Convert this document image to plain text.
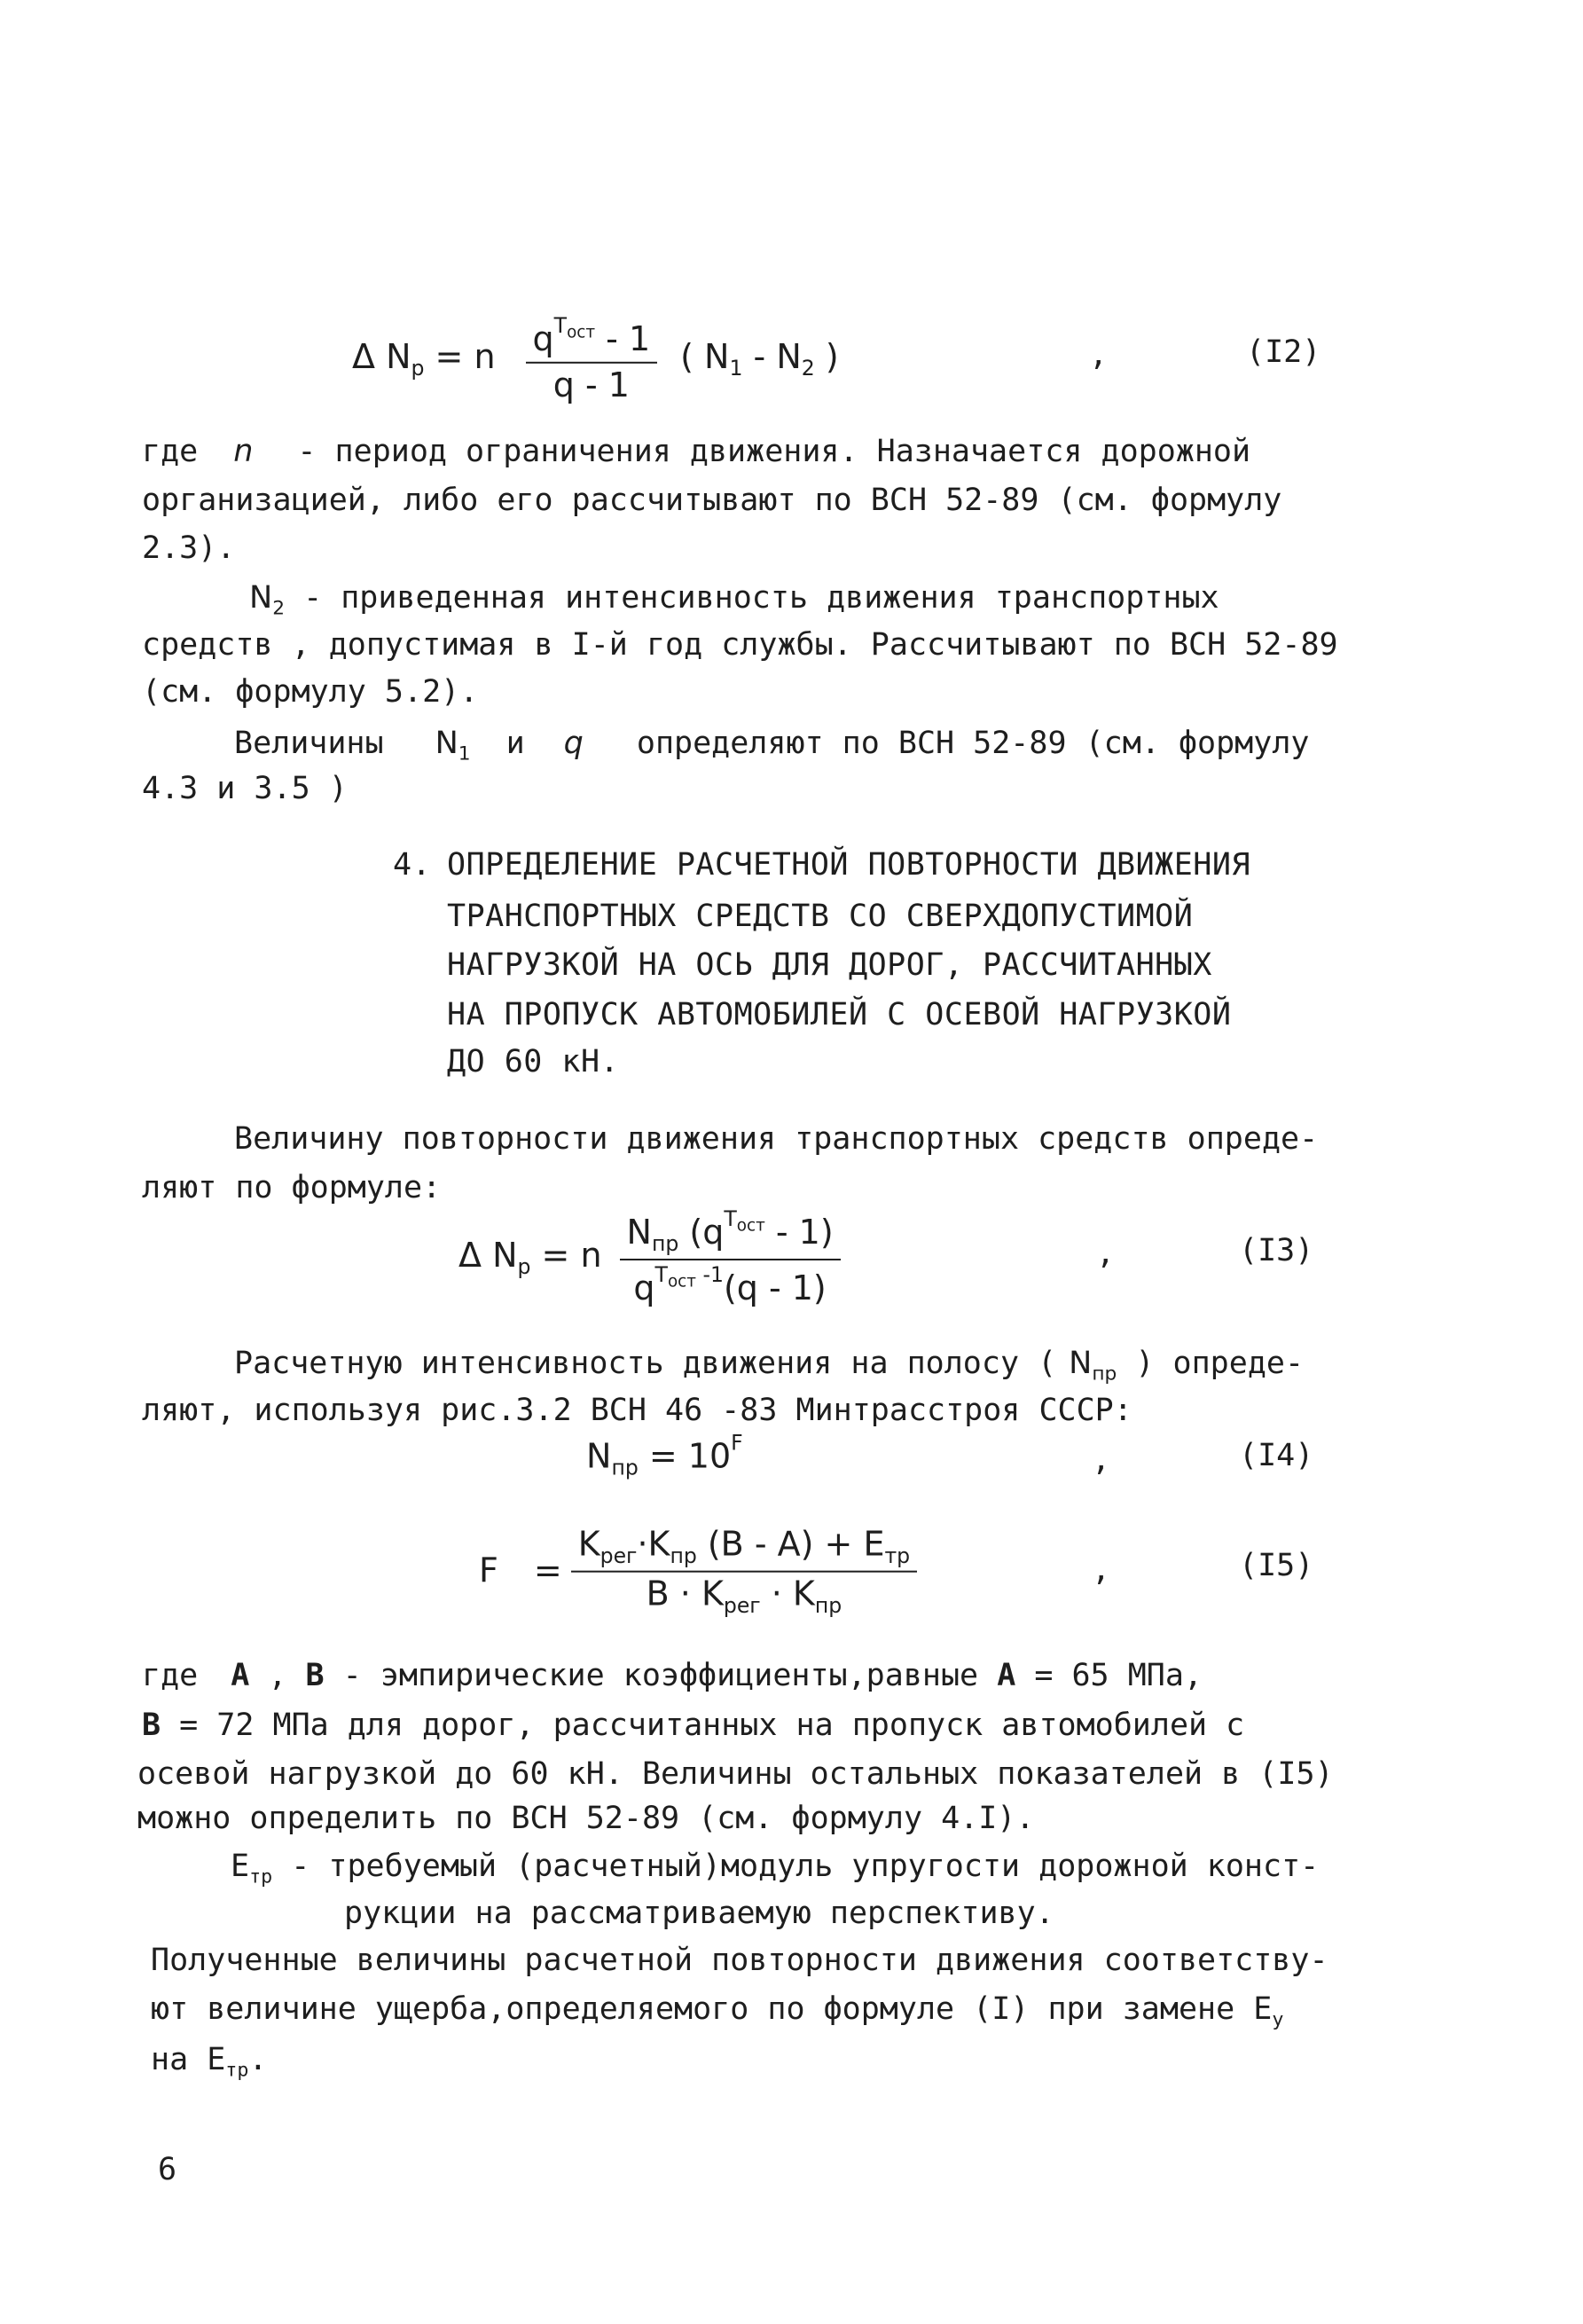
Δ $N_p = n \frac{q^{T_{ост}} - 1}{q - 1}$ ( $N_1 - N_2$ )	,	(I2)
где n - период ограничения движения. Назначается дорожной
организацией, либо его рассчитывают по ВСН 52-89 (см. формулу
2.3).
$N_2$ - приведенная интенсивность движения транспортных
средств , допустимая в I-й год службы. Рассчитывают по ВСН 52-89
(см. формулу 5.2).
Величины $N_1$ и q определяют по ВСН 52-89 (см. формулу
4.3 и 3.5 )
4. ОПРЕДЕЛЕНИЕ РАСЧЕТНОЙ ПОВТОРНОСТИ ДВИЖЕНИЯ
ТРАНСПОРТНЫХ СРЕДСТВ СО СВЕРХДОПУСТИМОЙ
НАГРУЗКОЙ НА ОСЬ ДЛЯ ДОРОГ, РАССЧИТАННЫХ
НА ПРОПУСК АВТОМОБИЛЕЙ С ОСЕВОЙ НАГРУЗКОЙ
ДО 60 кН.
Величину повторности движения транспортных средств опреде-
ляют по формуле:
Δ $N_p = n \frac{N_{пр} (q^{T_{ост}} - 1)}{q^{T_{ост} -1}(q - 1)}$	,	(I3)
Расчетную интенсивность движения на полосу ( $N_{пр}$ ) опреде-
ляют, используя рис.3.2 ВСН 46 -83 Минтрасстроя СССР:
$N_{пр} = 10^F$	,	(I4)
$F = \frac{K_{рег}\cdot K_{пр} (B - A) + E_{тр}}{B \cdot K_{рег} \cdot K_{пр}}$	,	(I5)
где A , B - эмпирические коэффициенты,равные A = 65 МПа,
B = 72 МПа для дорог, рассчитанных на пропуск автомобилей с
осевой нагрузкой до 60 кН. Величины остальных показателей в (I5)
можно определить по ВСН 52-89 (см. формулу 4.I).
$E_{тр}$ - требуемый (расчетный)модуль упругости дорожной конст-
рукции на рассматриваемую перспективу.
Полученные величины расчетной повторности движения соответству-
ют величине ущерба,определяемого по формуле (I) при замене $E_у$
на $E_{тр}$.
6
